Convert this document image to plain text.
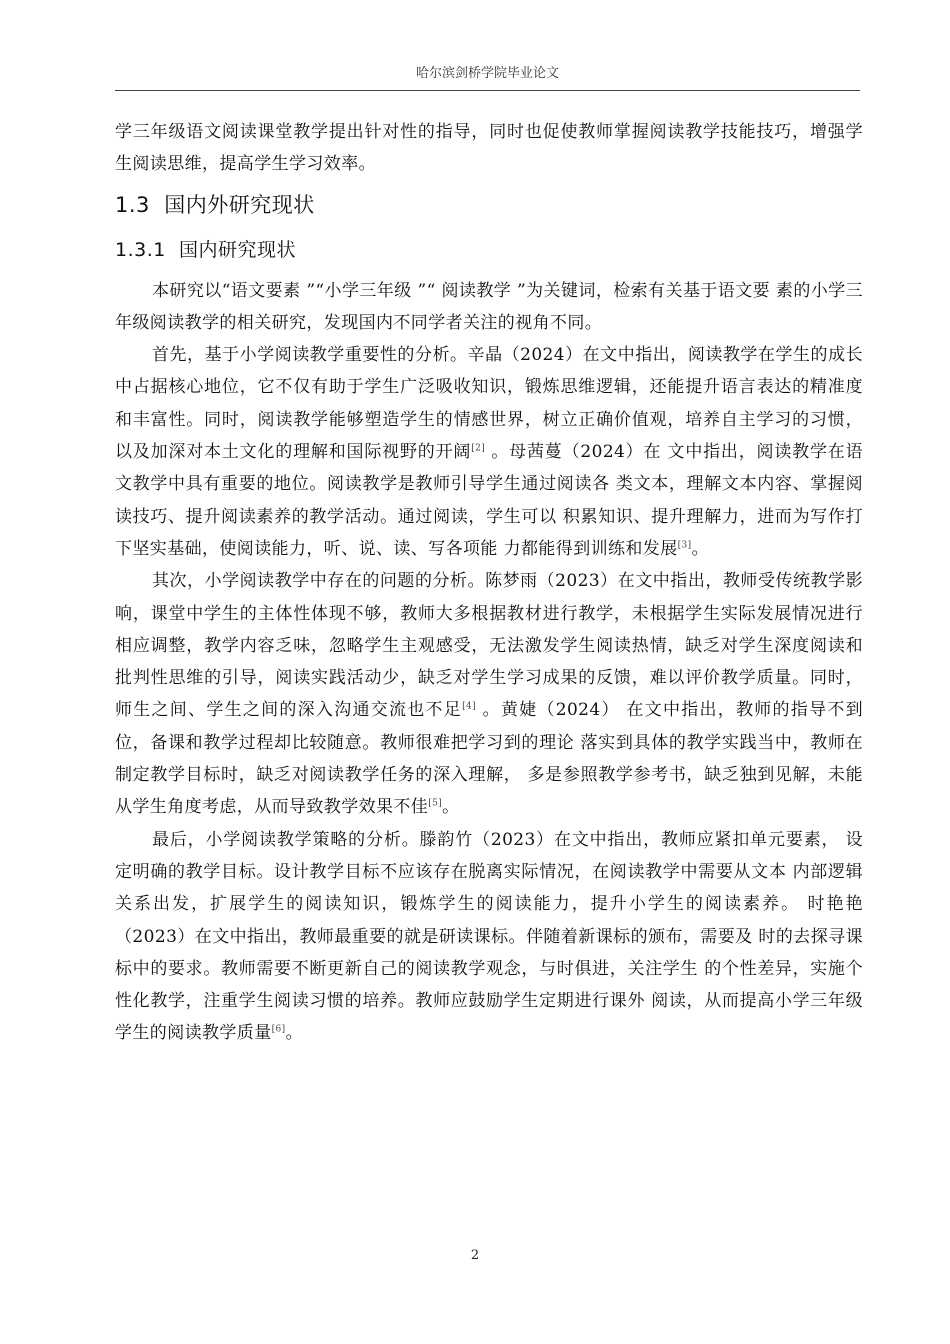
哈尔滨剑桥学院毕业论文

学三年级语文阅读课堂教学提出针对性的指导，同时也促使教师掌握阅读教学技能技巧，增强学生阅读思维，提高学生学习效率。

1.3 国内外研究现状
1.3.1 国内研究现状

本研究以“语文要素 ”“小学三年级 ”“ 阅读教学 ”为关键词，检索有关基于语文要 素的小学三年级阅读教学的相关研究，发现国内不同学者关注的视角不同。

首先，基于小学阅读教学重要性的分析。辛晶（2024）在文中指出，阅读教学在学生的成长中占据核心地位，它不仅有助于学生广泛吸收知识，锻炼思维逻辑，还能提升语言表达的精准度和丰富性。同时，阅读教学能够塑造学生的情感世界，树立正确价值观，培养自主学习的习惯，以及加深对本土文化的理解和国际视野的开阔[2] 。母茜蔓（2024）在 文中指出，阅读教学在语文教学中具有重要的地位。阅读教学是教师引导学生通过阅读各 类文本，理解文本内容、掌握阅读技巧、提升阅读素养的教学活动。通过阅读，学生可以 积累知识、提升理解力，进而为写作打下坚实基础，使阅读能力，听、说、读、写各项能 力都能得到训练和发展[3]。

其次，小学阅读教学中存在的问题的分析。陈梦雨（2023）在文中指出，教师受传统教学影响，课堂中学生的主体性体现不够，教师大多根据教材进行教学，未根据学生实际发展情况进行相应调整，教学内容乏味，忽略学生主观感受，无法激发学生阅读热情，缺乏对学生深度阅读和批判性思维的引导，阅读实践活动少，缺乏对学生学习成果的反馈，难以评价教学质量。同时，师生之间、学生之间的深入沟通交流也不足[4] 。黄婕（2024） 在文中指出，教师的指导不到位，备课和教学过程却比较随意。教师很难把学习到的理论 落实到具体的教学实践当中，教师在制定教学目标时，缺乏对阅读教学任务的深入理解， 多是参照教学参考书，缺乏独到见解，未能从学生角度考虑，从而导致教学效果不佳[5]。

最后，小学阅读教学策略的分析。滕韵竹（2023）在文中指出，教师应紧扣单元要素， 设定明确的教学目标。设计教学目标不应该存在脱离实际情况，在阅读教学中需要从文本 内部逻辑关系出发，扩展学生的阅读知识，锻炼学生的阅读能力，提升小学生的阅读素养。 时艳艳（2023）在文中指出，教师最重要的就是研读课标。伴随着新课标的颁布，需要及 时的去探寻课标中的要求。教师需要不断更新自己的阅读教学观念，与时俱进，关注学生 的个性差异，实施个性化教学，注重学生阅读习惯的培养。教师应鼓励学生定期进行课外 阅读，从而提高小学三年级学生的阅读教学质量[6]。

2
